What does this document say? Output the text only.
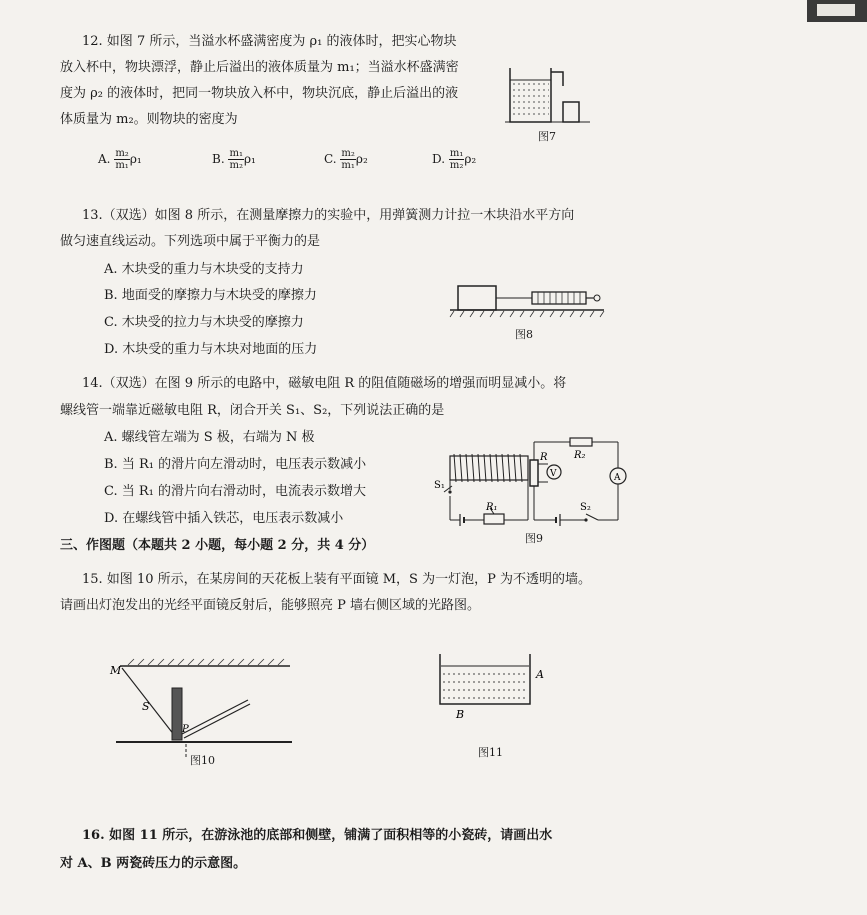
12. 如图 7 所示，当溢水杯盛满密度为 ρ₁ 的液体时，把实心物块
放入杯中，物块漂浮，静止后溢出的液体质量为 m₁；当溢水杯盛满密
度为 ρ₂ 的液体时，把同一物块放入杯中，物块沉底，静止后溢出的液
体质量为 m₂。则物块的密度为
A. $\frac{\text{m₂}}{\text{m₁}} \rho_1$	B. $\frac{\text{m₁}}{\text{m₂}} \rho_1$	C. $\frac{\text{m₂}}{\text{m₁}} \rho_2$	D. $\frac{\text{m₁}}{\text{m₂}} \rho_2$
图7
13.（双选）如图 8 所示，在测量摩擦力的实验中，用弹簧测力计拉一木块沿水平方向
做匀速直线运动。下列选项中属于平衡力的是
A. 木块受的重力与木块受的支持力
B. 地面受的摩擦力与木块受的摩擦力
C. 木块受的拉力与木块受的摩擦力
D. 木块受的重力与木块对地面的压力
图8
14.（双选）在图 9 所示的电路中，磁敏电阻 R 的阻值随磁场的增强而明显减小。将
螺线管一端靠近磁敏电阻 R，闭合开关 S₁、S₂，下列说法正确的是
A. 螺线管左端为 S 极，右端为 N 极
B. 当 R₁ 的滑片向左滑动时，电压表示数减小
C. 当 R₁ 的滑片向右滑动时，电流表示数增大
D. 在螺线管中插入铁芯，电压表示数减小
V	A
R	R₂
R₁
S₁
S₂
图9
三、作图题（本题共 2 小题，每小题 2 分，共 4 分）
15. 如图 10 所示，在某房间的天花板上装有平面镜 M，S 为一灯泡，P 为不透明的墙。
请画出灯泡发出的光经平面镜反射后，能够照亮 P 墙右侧区域的光路图。
M
S
P
图10
A
B
图11
16. 如图 11 所示，在游泳池的底部和侧壁，铺满了面积相等的小瓷砖，请画出水
对 A、B 两瓷砖压力的示意图。
